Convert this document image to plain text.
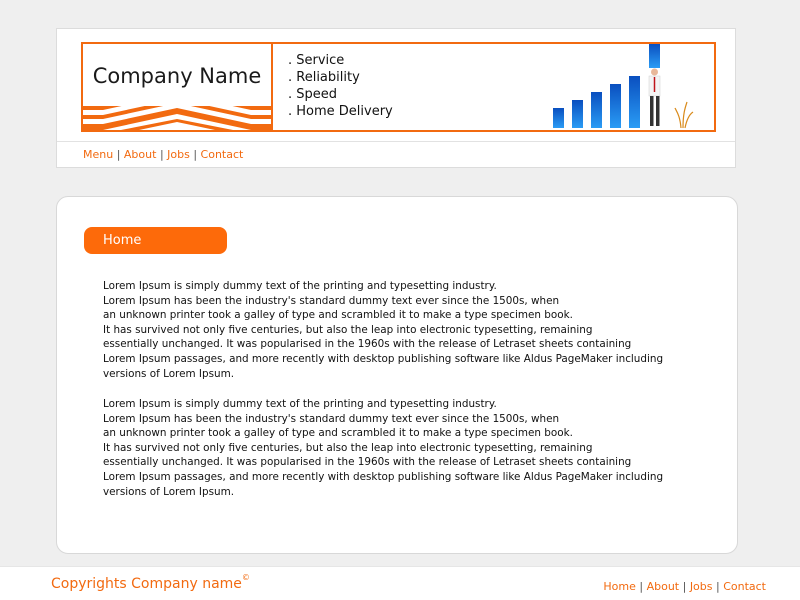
Company Name
. Service
. Reliability
. Speed
. Home Delivery
Menu | About | Jobs | Contact
Home

Lorem Ipsum is simply dummy text of the printing and typesetting industry.
Lorem Ipsum has been the industry's standard dummy text ever since the 1500s, when
an unknown printer took a galley of type and scrambled it to make a type specimen book.
It has survived not only five centuries, but also the leap into electronic typesetting, remaining
essentially unchanged. It was popularised in the 1960s with the release of Letraset sheets containing
Lorem Ipsum passages, and more recently with desktop publishing software like Aldus PageMaker including
versions of Lorem Ipsum.

Lorem Ipsum is simply dummy text of the printing and typesetting industry.
Lorem Ipsum has been the industry's standard dummy text ever since the 1500s, when
an unknown printer took a galley of type and scrambled it to make a type specimen book.
It has survived not only five centuries, but also the leap into electronic typesetting, remaining
essentially unchanged. It was popularised in the 1960s with the release of Letraset sheets containing
Lorem Ipsum passages, and more recently with desktop publishing software like Aldus PageMaker including
versions of Lorem Ipsum.

Copyrights Company name©
Home | About | Jobs | Contact
